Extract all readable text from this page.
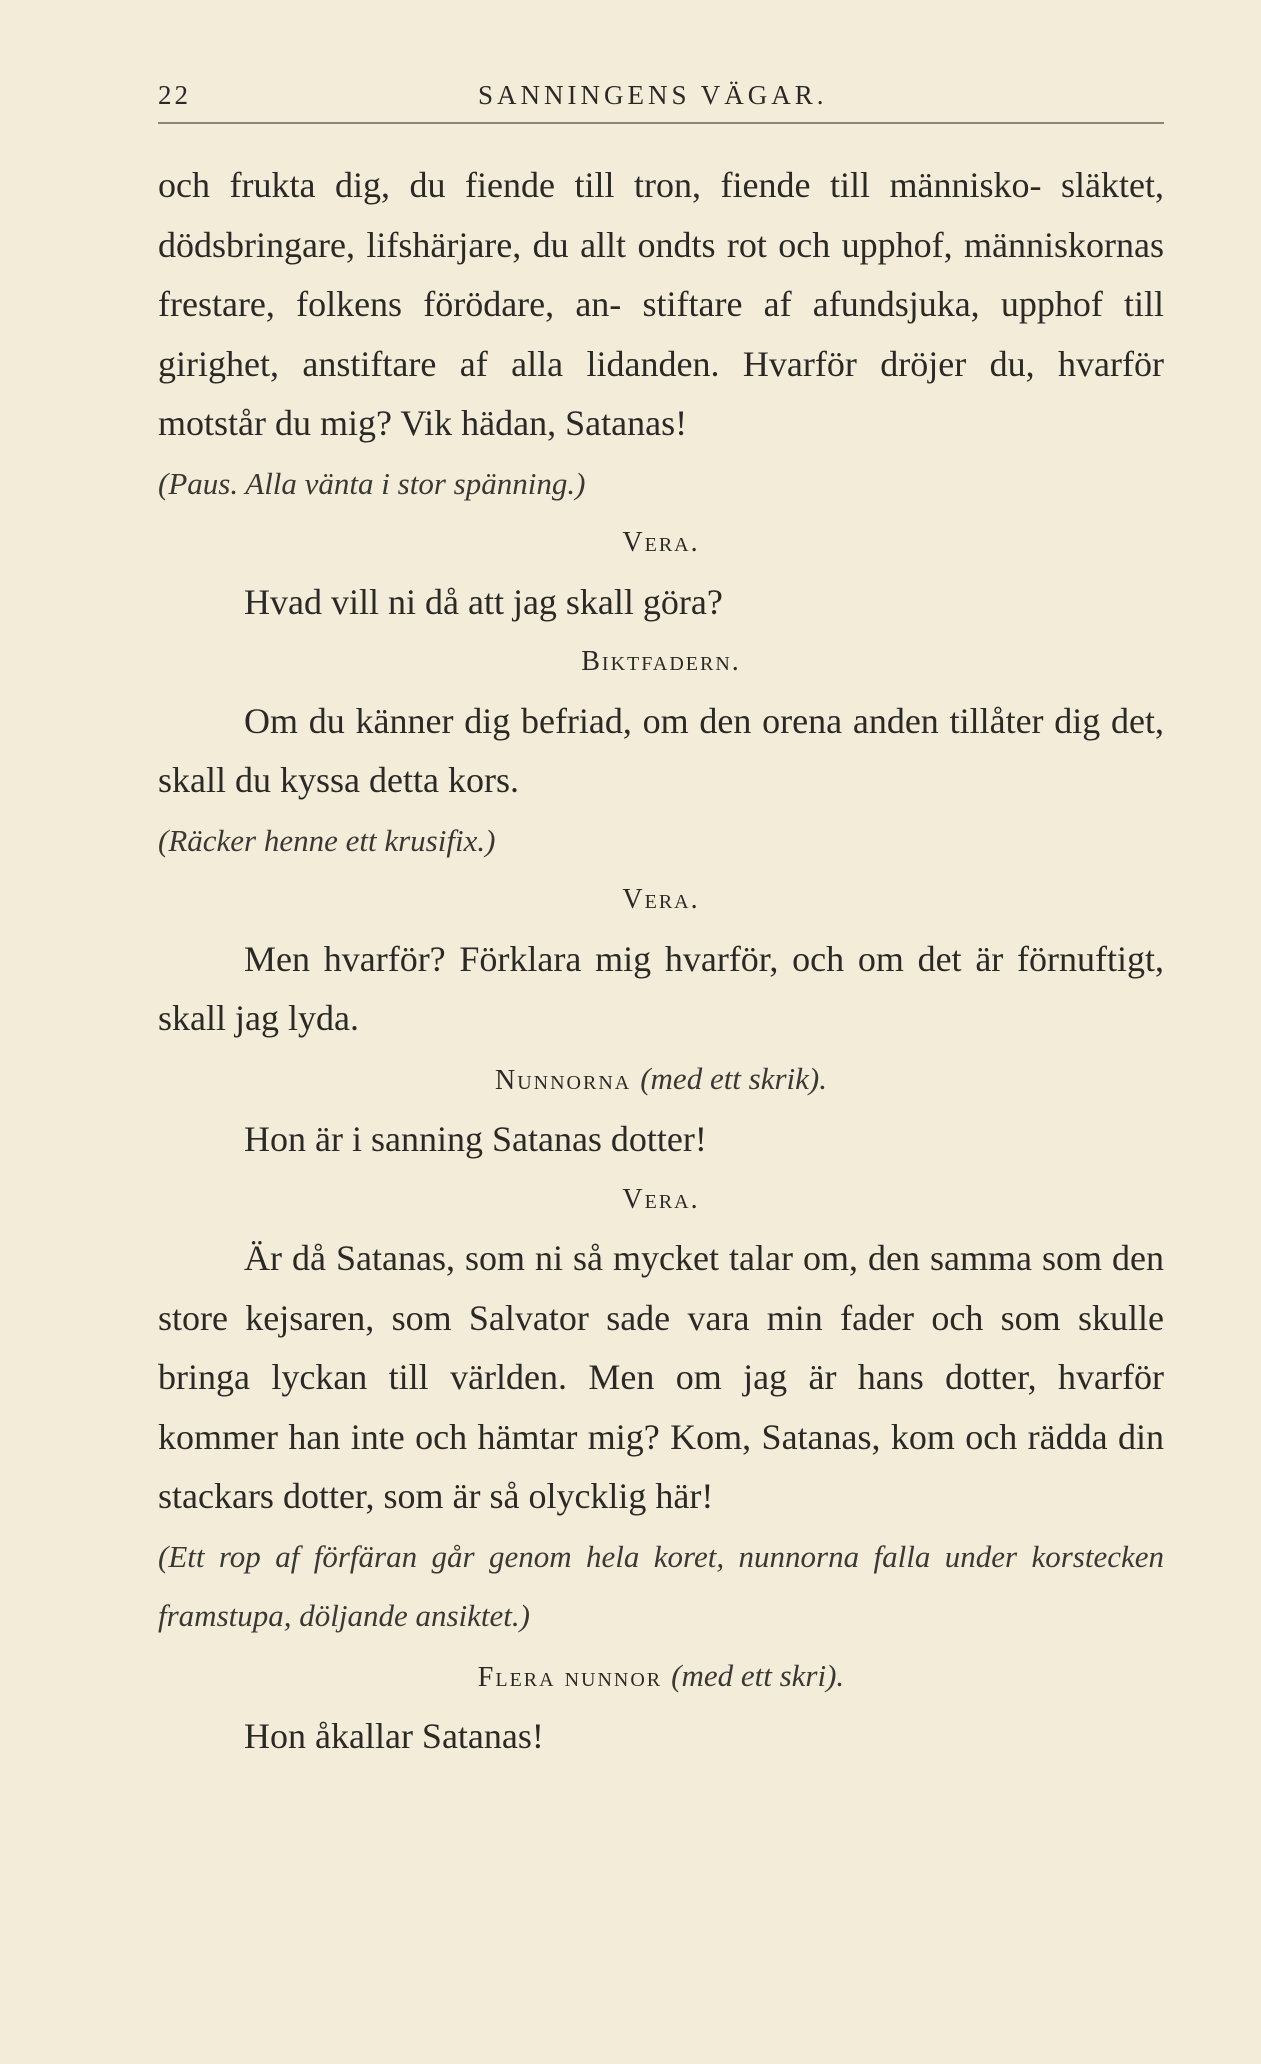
22	SANNINGENS VÄGAR.

och frukta dig, du fiende till tron, fiende till människo- släktet, dödsbringare, lifshärjare, du allt ondts rot och upphof, människornas frestare, folkens förödare, an- stiftare af afundsjuka, upphof till girighet, anstiftare af alla lidanden. Hvarför dröjer du, hvarför motstår du mig? Vik hädan, Satanas!

(Paus. Alla vänta i stor spänning.)

Vera.

Hvad vill ni då att jag skall göra?

Biktfadern.

Om du känner dig befriad, om den orena anden tillåter dig det, skall du kyssa detta kors.

(Räcker henne ett krusifix.)

Vera.

Men hvarför? Förklara mig hvarför, och om det är förnuftigt, skall jag lyda.

Nunnorna (med ett skrik).

Hon är i sanning Satanas dotter!

Vera.

Är då Satanas, som ni så mycket talar om, den samma som den store kejsaren, som Salvator sade vara min fader och som skulle bringa lyckan till världen. Men om jag är hans dotter, hvarför kommer han inte och hämtar mig? Kom, Satanas, kom och rädda din stackars dotter, som är så olycklig här!

(Ett rop af förfäran går genom hela koret, nunnorna falla under korstecken framstupa, döljande ansiktet.)

Flera nunnor (med ett skri).

Hon åkallar Satanas!
